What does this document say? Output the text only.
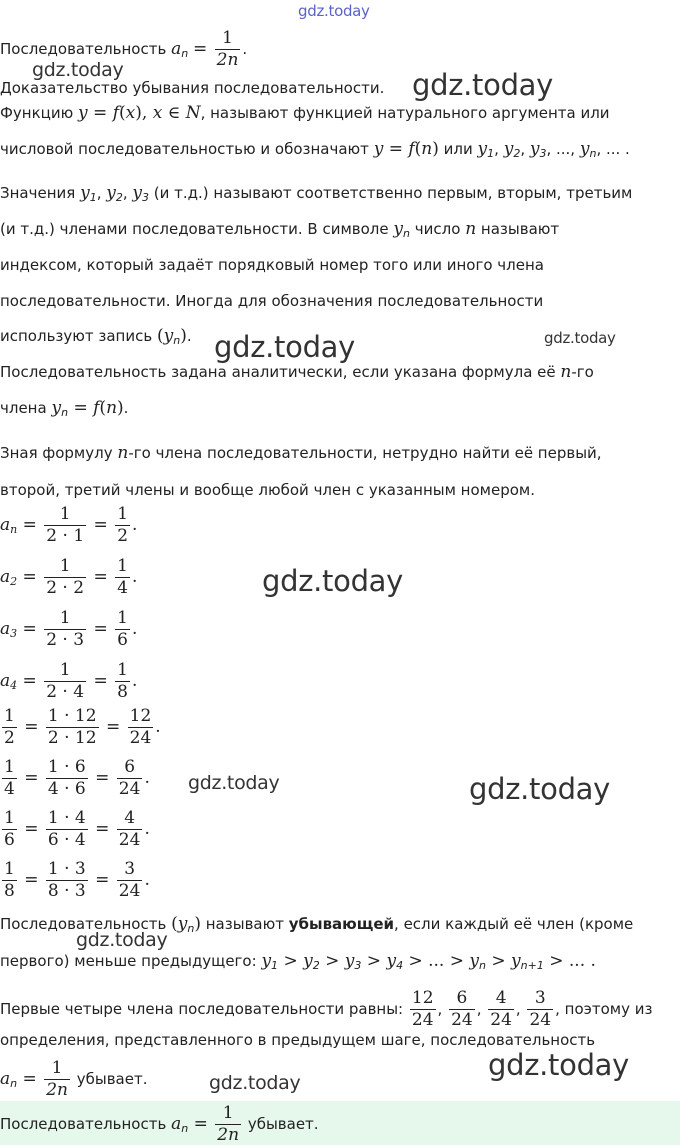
gdz.today
Последовательность $a_n = \frac{1}{2n}$ .
gdz.today
Доказательство убывания последовательности. gdz.today
Функцию y = f(x), x ∈ N, называют функцией натурального аргумента или
числовой последовательностью и обозначают y = f(n) или $y_1$, $y_2$, $y_3$, ..., $y_n$, ... .
Значения $y_1$, $y_2$, $y_3$ (и т.д.) называют соответственно первым, вторым, третьим
(и т.д.) членами последовательности. В символе $y_n$ число n называют
индексом, который задаёт порядковый номер того или иного члена
последовательности. Иногда для обозначения последовательности
используют запись $(y_n)$. gdz.today	gdz.today
Последовательность задана аналитически, если указана формула её n-го
члена $y_n = f(n)$.
Зная формулу n-го члена последовательности, нетрудно найти её первый,
второй, третий члены и вообще любой член с указанным номером.
$a_n = \frac{1}{2 \cdot 1} = \frac{1}{2}$ .
$a_2 = \frac{1}{2 \cdot 2} = \frac{1}{4}$ .	gdz.today
$a_3 = \frac{1}{2 \cdot 3} = \frac{1}{6}$ .
$a_4 = \frac{1}{2 \cdot 4} = \frac{1}{8}$ .
$\frac{1}{2} = \frac{1 \cdot 12}{2 \cdot 12} = \frac{12}{24}$ .
$\frac{1}{4} = \frac{1 \cdot 6}{4 \cdot 6} = \frac{6}{24}$ . gdz.today	gdz.today
$\frac{1}{6} = \frac{1 \cdot 4}{6 \cdot 4} = \frac{4}{24}$ .
$\frac{1}{8} = \frac{1 \cdot 3}{8 \cdot 3} = \frac{3}{24}$ .
Последовательность $(y_n)$ называют убывающей, если каждый её член (кроме
gdz.today
первого) меньше предыдущего: $y_1 > y_2 > y_3 > y_4$ > ... > $y_n > y_{n+1}$ > ... .
Первые четыре члена последовательности равны: $\frac{12}{24}$ , $\frac{6}{24}$ , $\frac{4}{24}$ , $\frac{3}{24}$ , поэтому из
определения, представленного в предыдущем шаге, последовательность
$a_n = \frac{1}{2n}$ убывает.	gdz.today
gdz.today
Последовательность $a_n = \frac{1}{2n}$ убывает.
